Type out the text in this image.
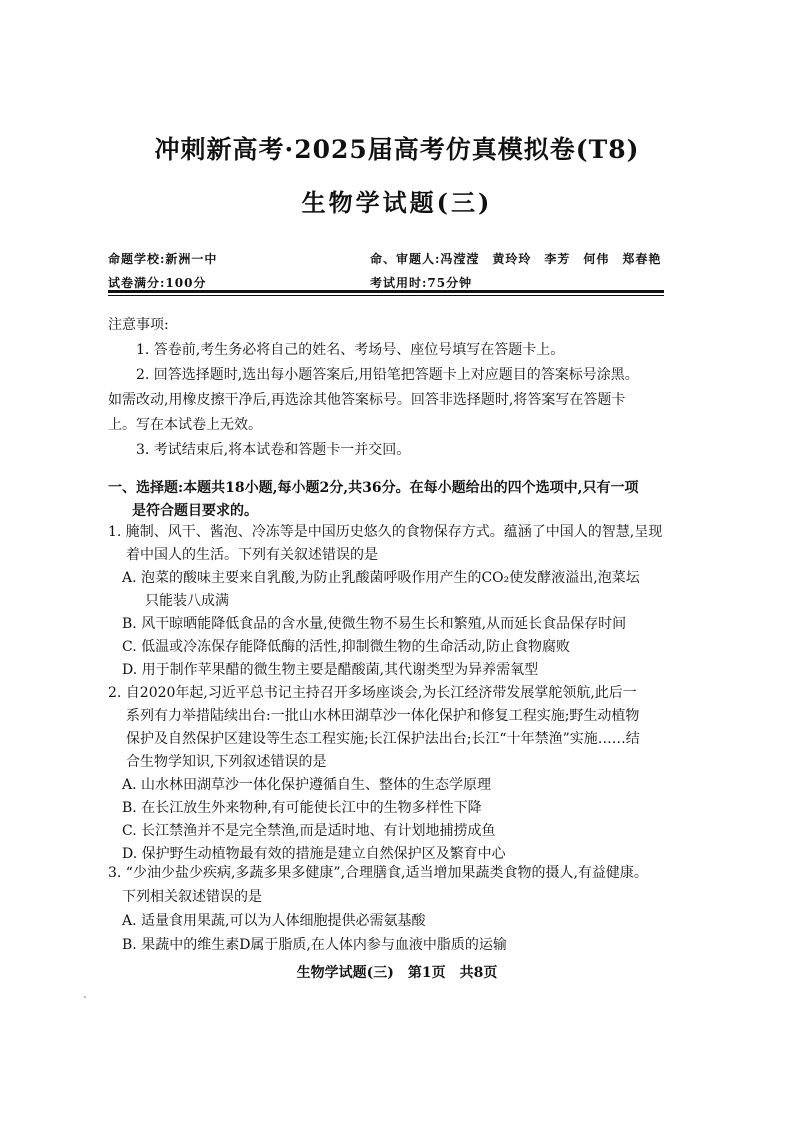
冲刺新高考·2025届高考仿真模拟卷(T8)
生物学试题(三)
命题学校:新洲一中	命、审题人:冯滢滢　黄玲玲　李芳　何伟　郑春艳
试卷满分:100分	考试用时:75分钟
注意事项:
1. 答卷前,考生务必将自己的姓名、考场号、座位号填写在答题卡上。
2. 回答选择题时,选出每小题答案后,用铅笔把答题卡上对应题目的答案标号涂黑。
如需改动,用橡皮擦干净后,再选涂其他答案标号。回答非选择题时,将答案写在答题卡
上。写在本试卷上无效。
3. 考试结束后,将本试卷和答题卡一并交回。
一、选择题:本题共18小题,每小题2分,共36分。在每小题给出的四个选项中,只有一项
是符合题目要求的。
1. 腌制、风干、酱泡、冷冻等是中国历史悠久的食物保存方式。蕴涵了中国人的智慧,呈现
着中国人的生活。下列有关叙述错误的是
A. 泡菜的酸味主要来自乳酸,为防止乳酸菌呼吸作用产生的CO₂使发酵液溢出,泡菜坛
只能装八成满
B. 风干晾晒能降低食品的含水量,使微生物不易生长和繁殖,从而延长食品保存时间
C. 低温或冷冻保存能降低酶的活性,抑制微生物的生命活动,防止食物腐败
D. 用于制作苹果醋的微生物主要是醋酸菌,其代谢类型为异养需氧型
2. 自2020年起,习近平总书记主持召开多场座谈会,为长江经济带发展掌舵领航,此后一
系列有力举措陆续出台:一批山水林田湖草沙一体化保护和修复工程实施;野生动植物
保护及自然保护区建设等生态工程实施;长江保护法出台;长江“十年禁渔”实施……结
合生物学知识,下列叙述错误的是
A. 山水林田湖草沙一体化保护遵循自生、整体的生态学原理
B. 在长江放生外来物种,有可能使长江中的生物多样性下降
C. 长江禁渔并不是完全禁渔,而是适时地、有计划地捕捞成鱼
D. 保护野生动植物最有效的措施是建立自然保护区及繁育中心
3. “少油少盐少疾病,多蔬多果多健康”,合理膳食,适当增加果蔬类食物的摄人,有益健康。
下列相关叙述错误的是
A. 适量食用果蔬,可以为人体细胞提供必需氨基酸
B. 果蔬中的维生素D属于脂质,在人体内参与血液中脂质的运输
生物学试题(三)　第1页　共8页
